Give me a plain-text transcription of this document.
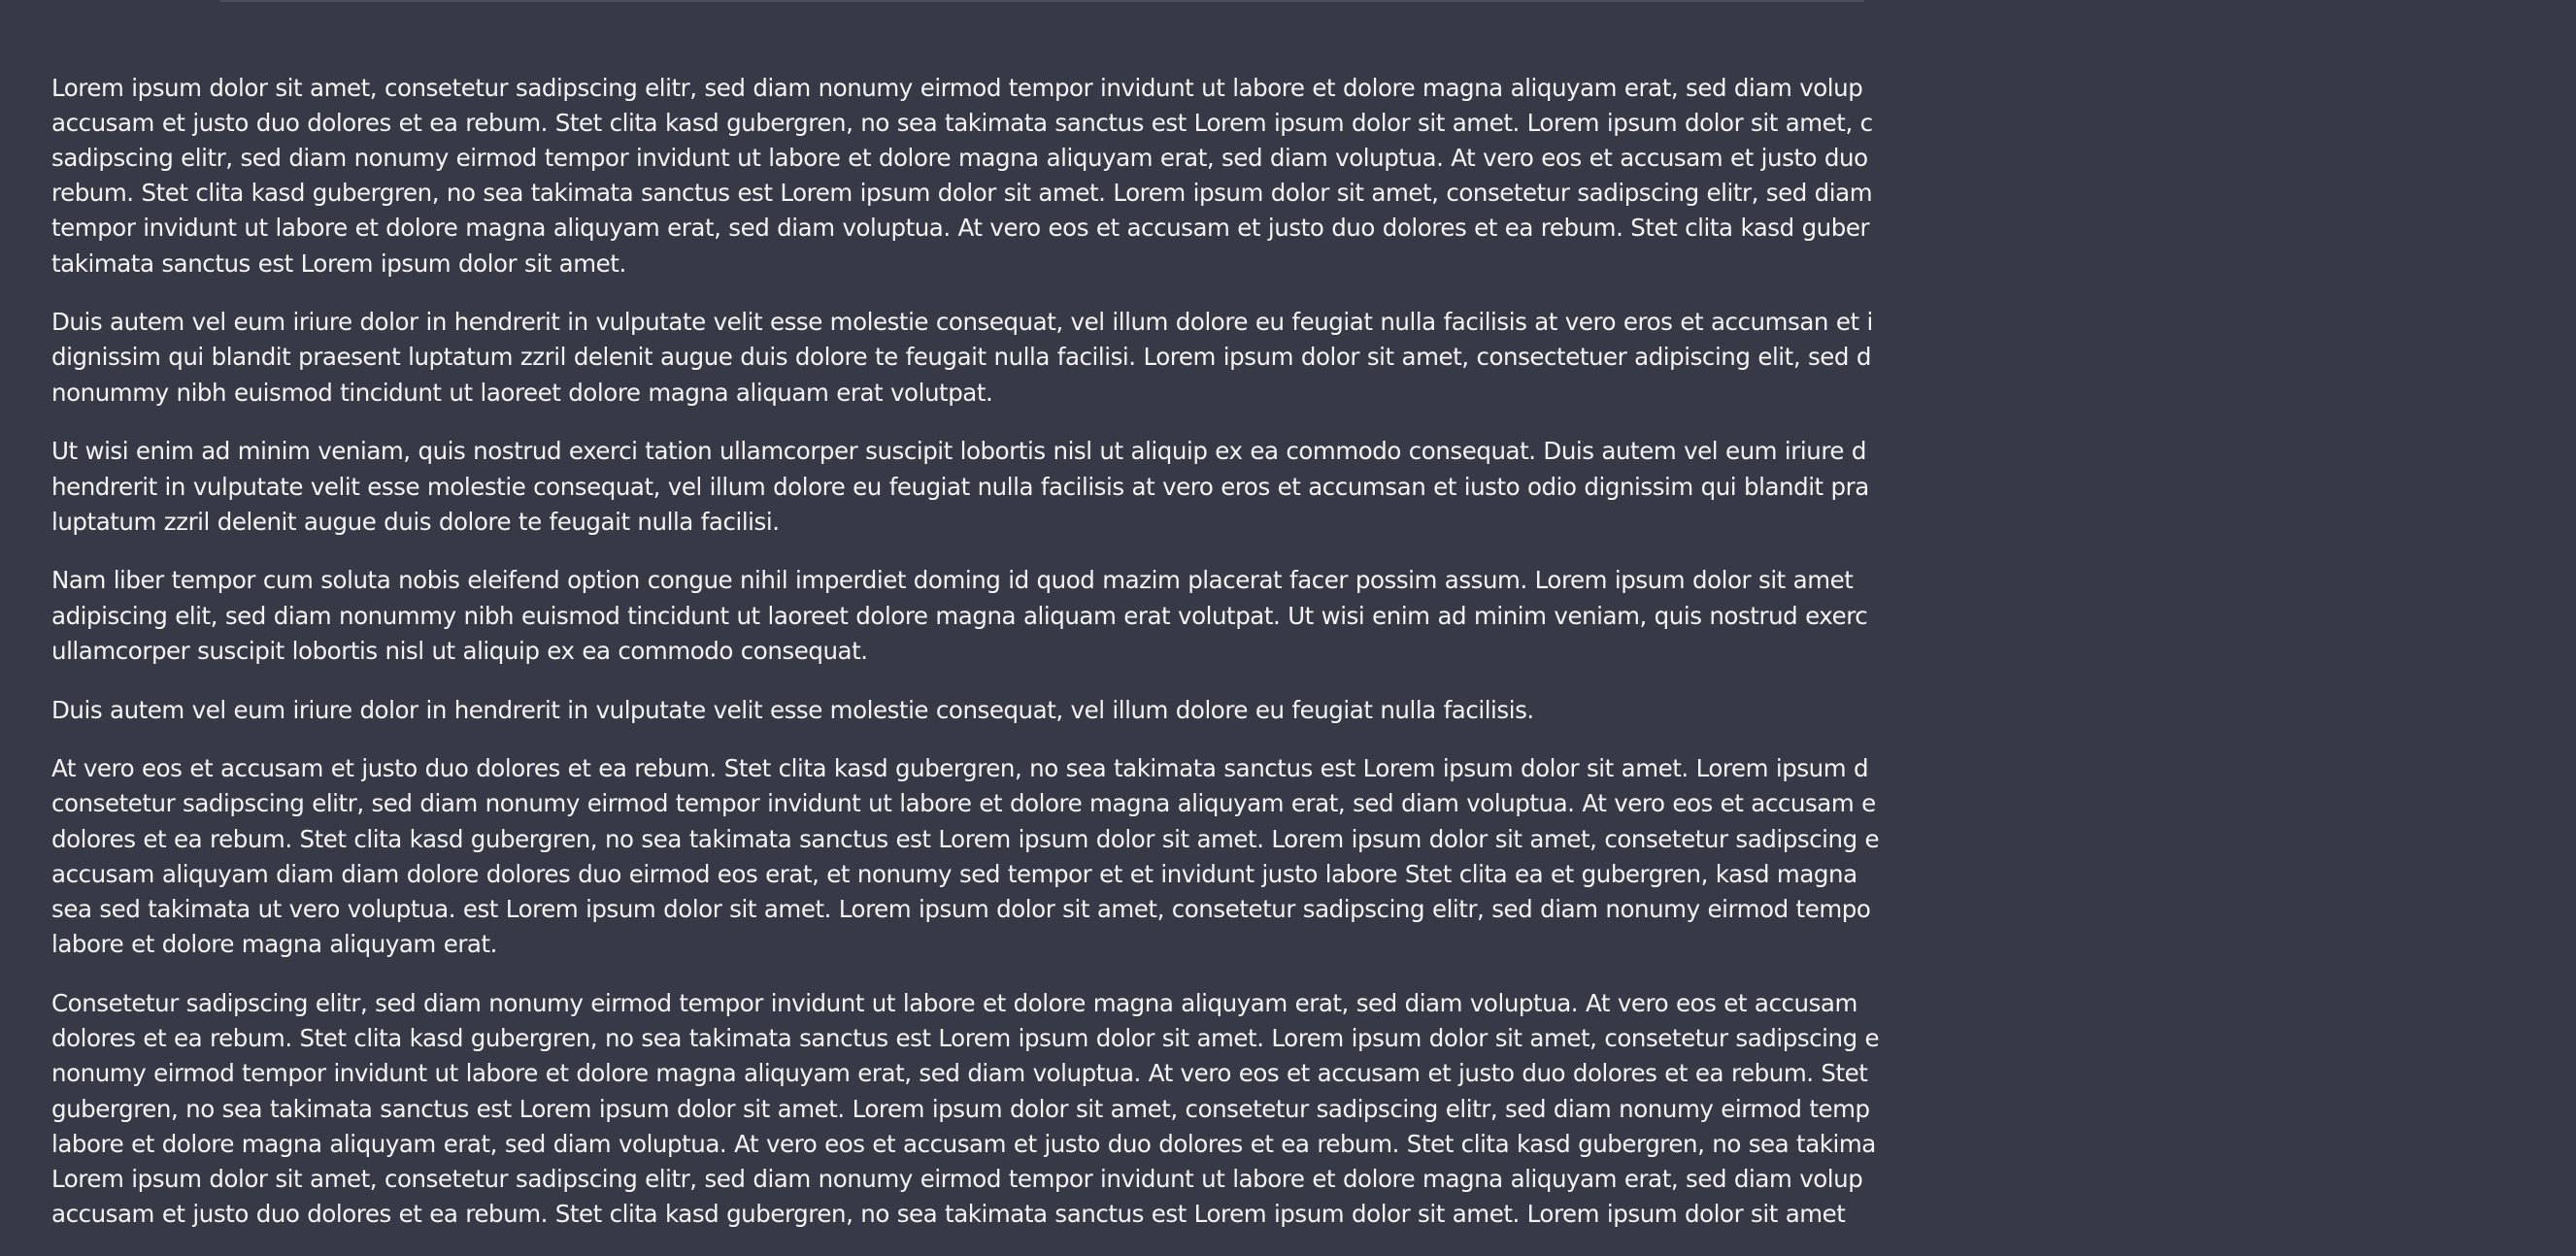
Lorem ipsum dolor sit amet, consetetur sadipscing elitr, sed diam nonumy eirmod tempor invidunt ut labore et dolore magna aliquyam erat, sed diam volup
accusam et justo duo dolores et ea rebum. Stet clita kasd gubergren, no sea takimata sanctus est Lorem ipsum dolor sit amet. Lorem ipsum dolor sit amet, c
sadipscing elitr, sed diam nonumy eirmod tempor invidunt ut labore et dolore magna aliquyam erat, sed diam voluptua. At vero eos et accusam et justo duo
rebum. Stet clita kasd gubergren, no sea takimata sanctus est Lorem ipsum dolor sit amet. Lorem ipsum dolor sit amet, consetetur sadipscing elitr, sed diam
tempor invidunt ut labore et dolore magna aliquyam erat, sed diam voluptua. At vero eos et accusam et justo duo dolores et ea rebum. Stet clita kasd guber
takimata sanctus est Lorem ipsum dolor sit amet.

Duis autem vel eum iriure dolor in hendrerit in vulputate velit esse molestie consequat, vel illum dolore eu feugiat nulla facilisis at vero eros et accumsan et i
dignissim qui blandit praesent luptatum zzril delenit augue duis dolore te feugait nulla facilisi. Lorem ipsum dolor sit amet, consectetuer adipiscing elit, sed d
nonummy nibh euismod tincidunt ut laoreet dolore magna aliquam erat volutpat.

Ut wisi enim ad minim veniam, quis nostrud exerci tation ullamcorper suscipit lobortis nisl ut aliquip ex ea commodo consequat. Duis autem vel eum iriure d
hendrerit in vulputate velit esse molestie consequat, vel illum dolore eu feugiat nulla facilisis at vero eros et accumsan et iusto odio dignissim qui blandit pra
luptatum zzril delenit augue duis dolore te feugait nulla facilisi.

Nam liber tempor cum soluta nobis eleifend option congue nihil imperdiet doming id quod mazim placerat facer possim assum. Lorem ipsum dolor sit amet
adipiscing elit, sed diam nonummy nibh euismod tincidunt ut laoreet dolore magna aliquam erat volutpat. Ut wisi enim ad minim veniam, quis nostrud exerc
ullamcorper suscipit lobortis nisl ut aliquip ex ea commodo consequat.

Duis autem vel eum iriure dolor in hendrerit in vulputate velit esse molestie consequat, vel illum dolore eu feugiat nulla facilisis.

At vero eos et accusam et justo duo dolores et ea rebum. Stet clita kasd gubergren, no sea takimata sanctus est Lorem ipsum dolor sit amet. Lorem ipsum d
consetetur sadipscing elitr, sed diam nonumy eirmod tempor invidunt ut labore et dolore magna aliquyam erat, sed diam voluptua. At vero eos et accusam e
dolores et ea rebum. Stet clita kasd gubergren, no sea takimata sanctus est Lorem ipsum dolor sit amet. Lorem ipsum dolor sit amet, consetetur sadipscing e
accusam aliquyam diam diam dolore dolores duo eirmod eos erat, et nonumy sed tempor et et invidunt justo labore Stet clita ea et gubergren, kasd magna
sea sed takimata ut vero voluptua. est Lorem ipsum dolor sit amet. Lorem ipsum dolor sit amet, consetetur sadipscing elitr, sed diam nonumy eirmod tempo
labore et dolore magna aliquyam erat.

Consetetur sadipscing elitr, sed diam nonumy eirmod tempor invidunt ut labore et dolore magna aliquyam erat, sed diam voluptua. At vero eos et accusam
dolores et ea rebum. Stet clita kasd gubergren, no sea takimata sanctus est Lorem ipsum dolor sit amet. Lorem ipsum dolor sit amet, consetetur sadipscing e
nonumy eirmod tempor invidunt ut labore et dolore magna aliquyam erat, sed diam voluptua. At vero eos et accusam et justo duo dolores et ea rebum. Stet
gubergren, no sea takimata sanctus est Lorem ipsum dolor sit amet. Lorem ipsum dolor sit amet, consetetur sadipscing elitr, sed diam nonumy eirmod temp
labore et dolore magna aliquyam erat, sed diam voluptua. At vero eos et accusam et justo duo dolores et ea rebum. Stet clita kasd gubergren, no sea takima
Lorem ipsum dolor sit amet, consetetur sadipscing elitr, sed diam nonumy eirmod tempor invidunt ut labore et dolore magna aliquyam erat, sed diam volup
accusam et justo duo dolores et ea rebum. Stet clita kasd gubergren, no sea takimata sanctus est Lorem ipsum dolor sit amet. Lorem ipsum dolor sit amet
